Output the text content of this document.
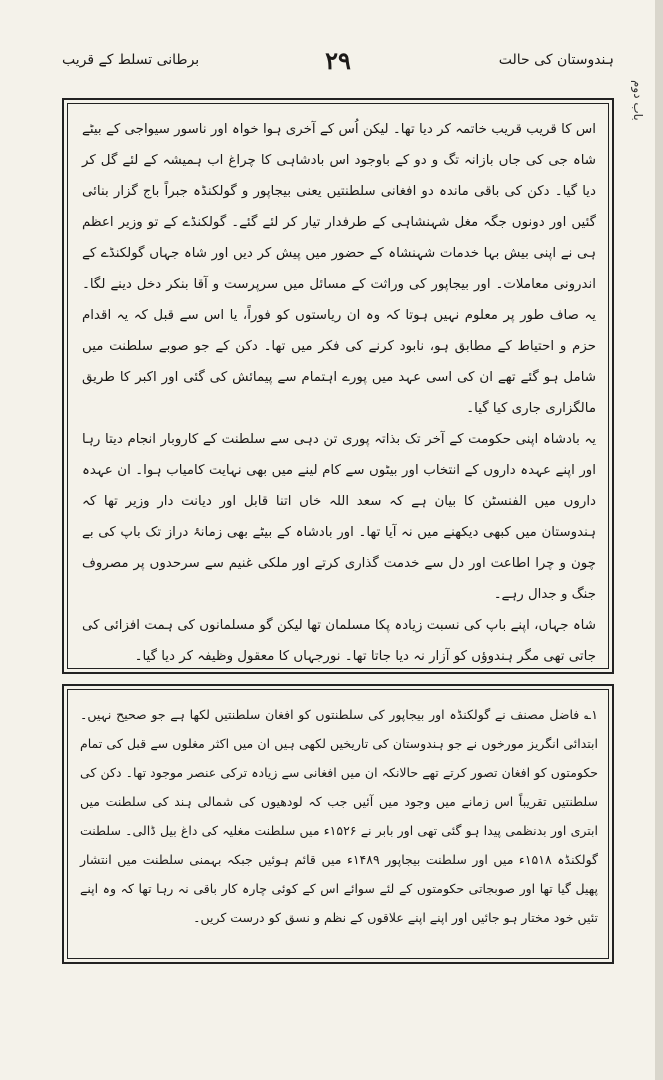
ہندوستان کی حالت
۲۹
برطانی تسلط کے قریب
باب دوم

اس کا قریب قریب خاتمہ کر دیا تھا۔ لیکن اُس کے آخری ہوا خواہ اور ناسور سیواجی کے بیٹے شاہ جی کی جاں بازانہ تگ و دو کے باوجود اس بادشاہی کا چراغ اب ہمیشہ کے لئے گل کر دیا گیا۔ دکن کی باقی ماندہ دو افغانی سلطنتیں یعنی بیجاپور و گولکنڈہ جبراً باج گزار بنائی گئیں اور دونوں جگہ مغل شہنشاہی کے طرفدار تیار کر لئے گئے۔ گولکنڈے کے تو وزیر اعظم ہی نے اپنی بیش بہا خدمات شہنشاہ کے حضور میں پیش کر دیں اور شاہ جہاں گولکنڈے کے اندرونی معاملات۔ اور بیجاپور کی وراثت کے مسائل میں سرپرست و آقا بنکر دخل دینے لگا۔ یہ صاف طور پر معلوم نہیں ہوتا کہ وہ ان ریاستوں کو فوراً، یا اس سے قبل کہ یہ اقدام حزم و احتیاط کے مطابق ہو، نابود کرنے کی فکر میں تھا۔ دکن کے جو صوبے سلطنت میں شامل ہو گئے تھے ان کی اسی عہد میں پورے اہتمام سے پیمائش کی گئی اور اکبر کا طریق مالگزاری جاری کیا گیا۔

یہ بادشاہ اپنی حکومت کے آخر تک بذاتہ پوری تن دہی سے سلطنت کے کاروبار انجام دیتا رہا اور اپنے عہدہ داروں کے انتخاب اور بیٹوں سے کام لینے میں بھی نہایت کامیاب ہوا۔ ان عہدہ داروں میں الفنسٹن کا بیان ہے کہ سعد اللہ خاں اتنا قابل اور دیانت دار وزیر تھا کہ ہندوستان میں کبھی دیکھنے میں نہ آیا تھا۔ اور بادشاہ کے بیٹے بھی زمانۂ دراز تک باپ کی بے چون و چرا اطاعت اور دل سے خدمت گذاری کرتے اور ملکی غنیم سے سرحدوں پر مصروف جنگ و جدال رہے۔

شاہ جہاں، اپنے باپ کی نسبت زیادہ پکا مسلمان تھا لیکن گو مسلمانوں کی ہمت افزائی کی جاتی تھی مگر ہندوؤں کو آزار نہ دیا جاتا تھا۔ نورجہاں کا معقول وظیفہ کر دیا گیا۔

۱؎ فاضل مصنف نے گولکنڈہ اور بیجاپور کی سلطنتوں کو افغان سلطنتیں لکھا ہے جو صحیح نہیں۔ ابتدائی انگریز مورخوں نے جو ہندوستان کی تاریخیں لکھی ہیں ان میں اکثر مغلوں سے قبل کی تمام حکومتوں کو افغان تصور کرتے تھے حالانکہ ان میں افغانی سے زیادہ ترکی عنصر موجود تھا۔ دکن کی سلطنتیں تقریباً اس زمانے میں وجود میں آئیں جب کہ لودھیوں کی شمالی ہند کی سلطنت میں ابتری اور بدنظمی پیدا ہو گئی تھی اور بابر نے ۱۵۲۶ء میں سلطنت مغلیہ کی داغ بیل ڈالی۔ سلطنت گولکنڈہ ۱۵۱۸ء میں اور سلطنت بیجاپور ۱۴۸۹ء میں قائم ہوئیں جبکہ بہمنی سلطنت میں انتشار پھیل گیا تھا اور صوبجاتی حکومتوں کے لئے سوائے اس کے کوئی چارہ کار باقی نہ رہا تھا کہ وہ اپنے تئیں خود مختار ہو جائیں اور اپنے اپنے علاقوں کے نظم و نسق کو درست کریں۔
